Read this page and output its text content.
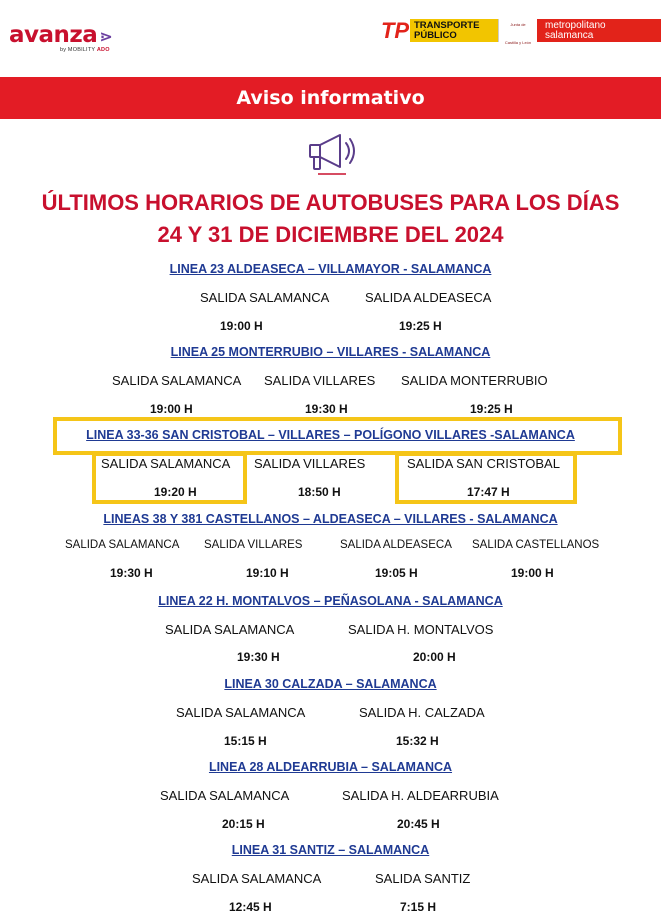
avanza ⋗
by MOBILITY ADO
TP TRANSPORTE
PÚBLICO
Junta de
Castilla y León
metropolitano
salamanca
Aviso informativo
ÚLTIMOS HORARIOS DE AUTOBUSES PARA LOS DÍAS
24 Y 31 DE DICIEMBRE DEL 2024
LINEA 23 ALDEASECA – VILLAMAYOR - SALAMANCA
SALIDA SALAMANCA	SALIDA ALDEASECA
19:00 H	19:25 H
LINEA 25 MONTERRUBIO – VILLARES - SALAMANCA
SALIDA SALAMANCA SALIDA VILLARES SALIDA MONTERRUBIO
19:00 H	19:30 H	19:25 H
LINEA 33-36 SAN CRISTOBAL – VILLARES – POLÍGONO VILLARES -SALAMANCA
SALIDA SALAMANCA SALIDA VILLARES	SALIDA SAN CRISTOBAL
19:20 H	18:50 H	17:47 H
LINEAS 38 Y 381 CASTELLANOS – ALDEASECA – VILLARES - SALAMANCA
SALIDA SALAMANCA SALIDA VILLARES	SALIDA ALDEASECA SALIDA CASTELLANOS
19:30 H	19:10 H	19:05 H	19:00 H
LINEA 22 H. MONTALVOS – PEÑASOLANA - SALAMANCA
SALIDA SALAMANCA	SALIDA H. MONTALVOS
19:30 H	20:00 H
LINEA 30 CALZADA – SALAMANCA
SALIDA SALAMANCA	SALIDA H. CALZADA
15:15 H	15:32 H
LINEA 28 ALDEARRUBIA – SALAMANCA
SALIDA SALAMANCA	SALIDA H. ALDEARRUBIA
20:15 H	20:45 H
LINEA 31 SANTIZ – SALAMANCA
SALIDA SALAMANCA	SALIDA SANTIZ
12:45 H	7:15 H
